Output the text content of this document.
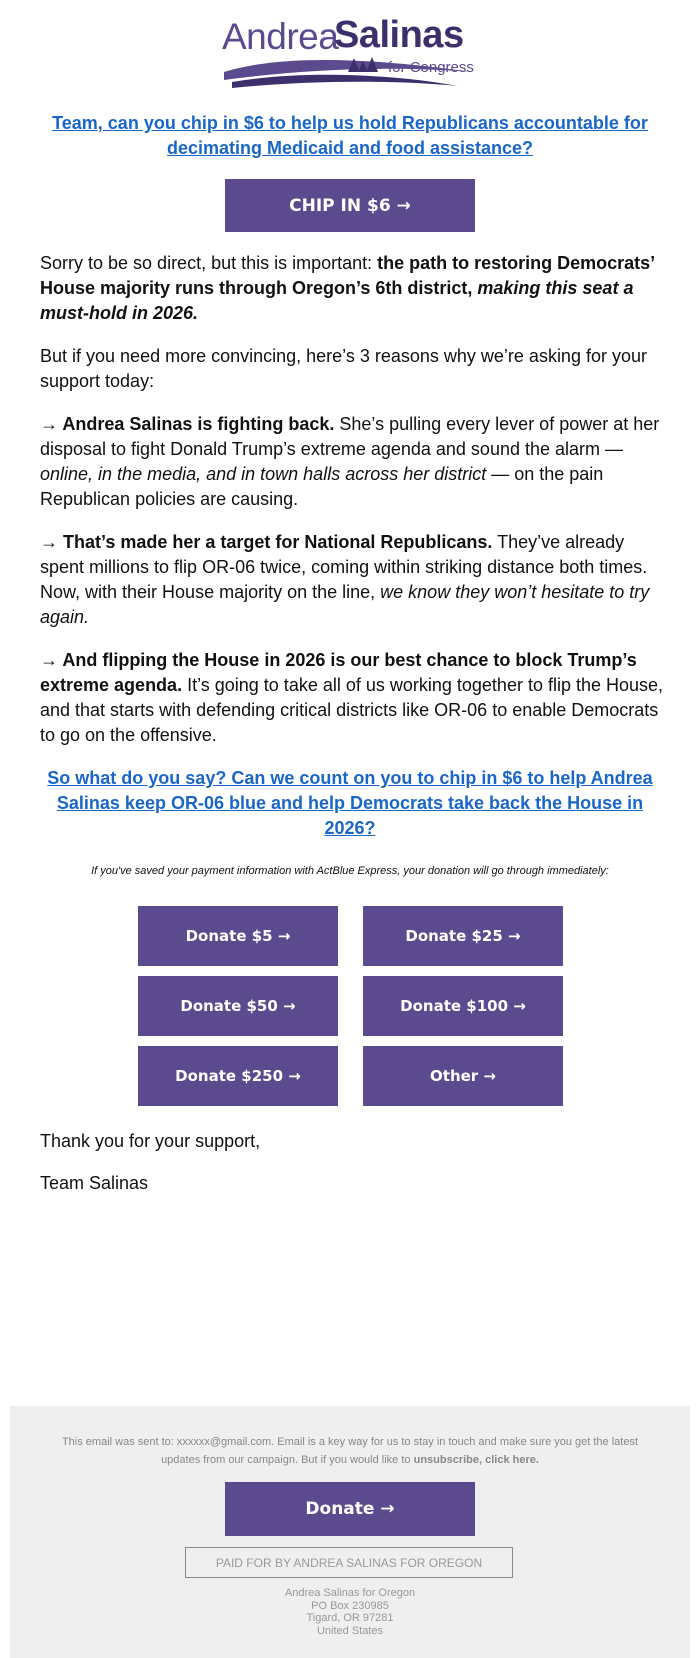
Andrea
Salinas
for Congress
Team, can you chip in $6 to help us hold Republicans accountable for decimating Medicaid and food assistance?
CHIP IN $6 →
Sorry to be so direct, but this is important: the path to restoring Democrats’ House majority runs through Oregon’s 6th district, making this seat a must-hold in 2026.
But if you need more convincing, here’s 3 reasons why we’re asking for your support today:
→ Andrea Salinas is fighting back. She’s pulling every lever of power at her disposal to fight Donald Trump’s extreme agenda and sound the alarm — online, in the media, and in town halls across her district — on the pain Republican policies are causing.
→ That’s made her a target for National Republicans. They’ve already spent millions to flip OR-06 twice, coming within striking distance both times. Now, with their House majority on the line, we know they won’t hesitate to try again.
→ And flipping the House in 2026 is our best chance to block Trump’s extreme agenda. It’s going to take all of us working together to flip the House, and that starts with defending critical districts like OR-06 to enable Democrats to go on the offensive.
So what do you say? Can we count on you to chip in $6 to help Andrea Salinas keep OR-06 blue and help Democrats take back the House in 2026?
If you've saved your payment information with ActBlue Express, your donation will go through immediately:
Donate $5 →	Donate $25 →
Donate $50 →	Donate $100 →
Donate $250 →	Other →
Thank you for your support,
Team Salinas
This email was sent to: xxxxxx@gmail.com. Email is a key way for us to stay in touch and make sure you get the latest updates from our campaign. But if you would like to unsubscribe, click here.
Donate →
PAID FOR BY ANDREA SALINAS FOR OREGON
Andrea Salinas for Oregon
PO Box 230985
Tigard, OR 97281
United States
